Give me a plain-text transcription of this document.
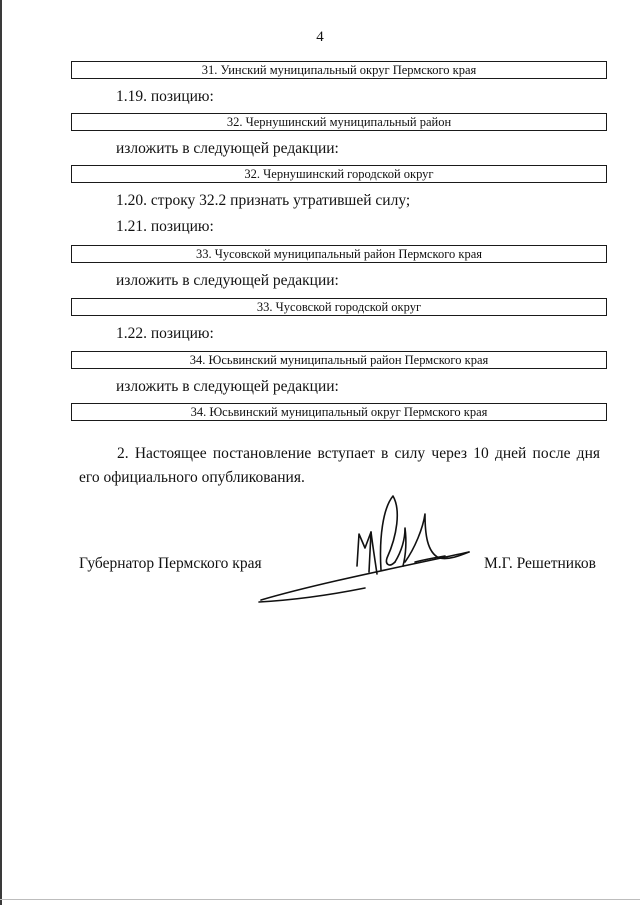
4
31. Уинский муниципальный округ Пермского края
1.19. позицию:
32. Чернушинский муниципальный район
изложить в следующей редакции:
32. Чернушинский городской округ
1.20. строку 32.2 признать утратившей силу;
1.21. позицию:
33. Чусовской муниципальный район Пермского края
изложить в следующей редакции:
33. Чусовской городской округ
1.22. позицию:
34. Юсьвинский муниципальный район Пермского края
изложить в следующей редакции:
34. Юсьвинский муниципальный округ Пермского края
2. Настоящее постановление вступает в силу через 10 дней после дня его официального опубликования.
Губернатор Пермского края	М.Г. Решетников
